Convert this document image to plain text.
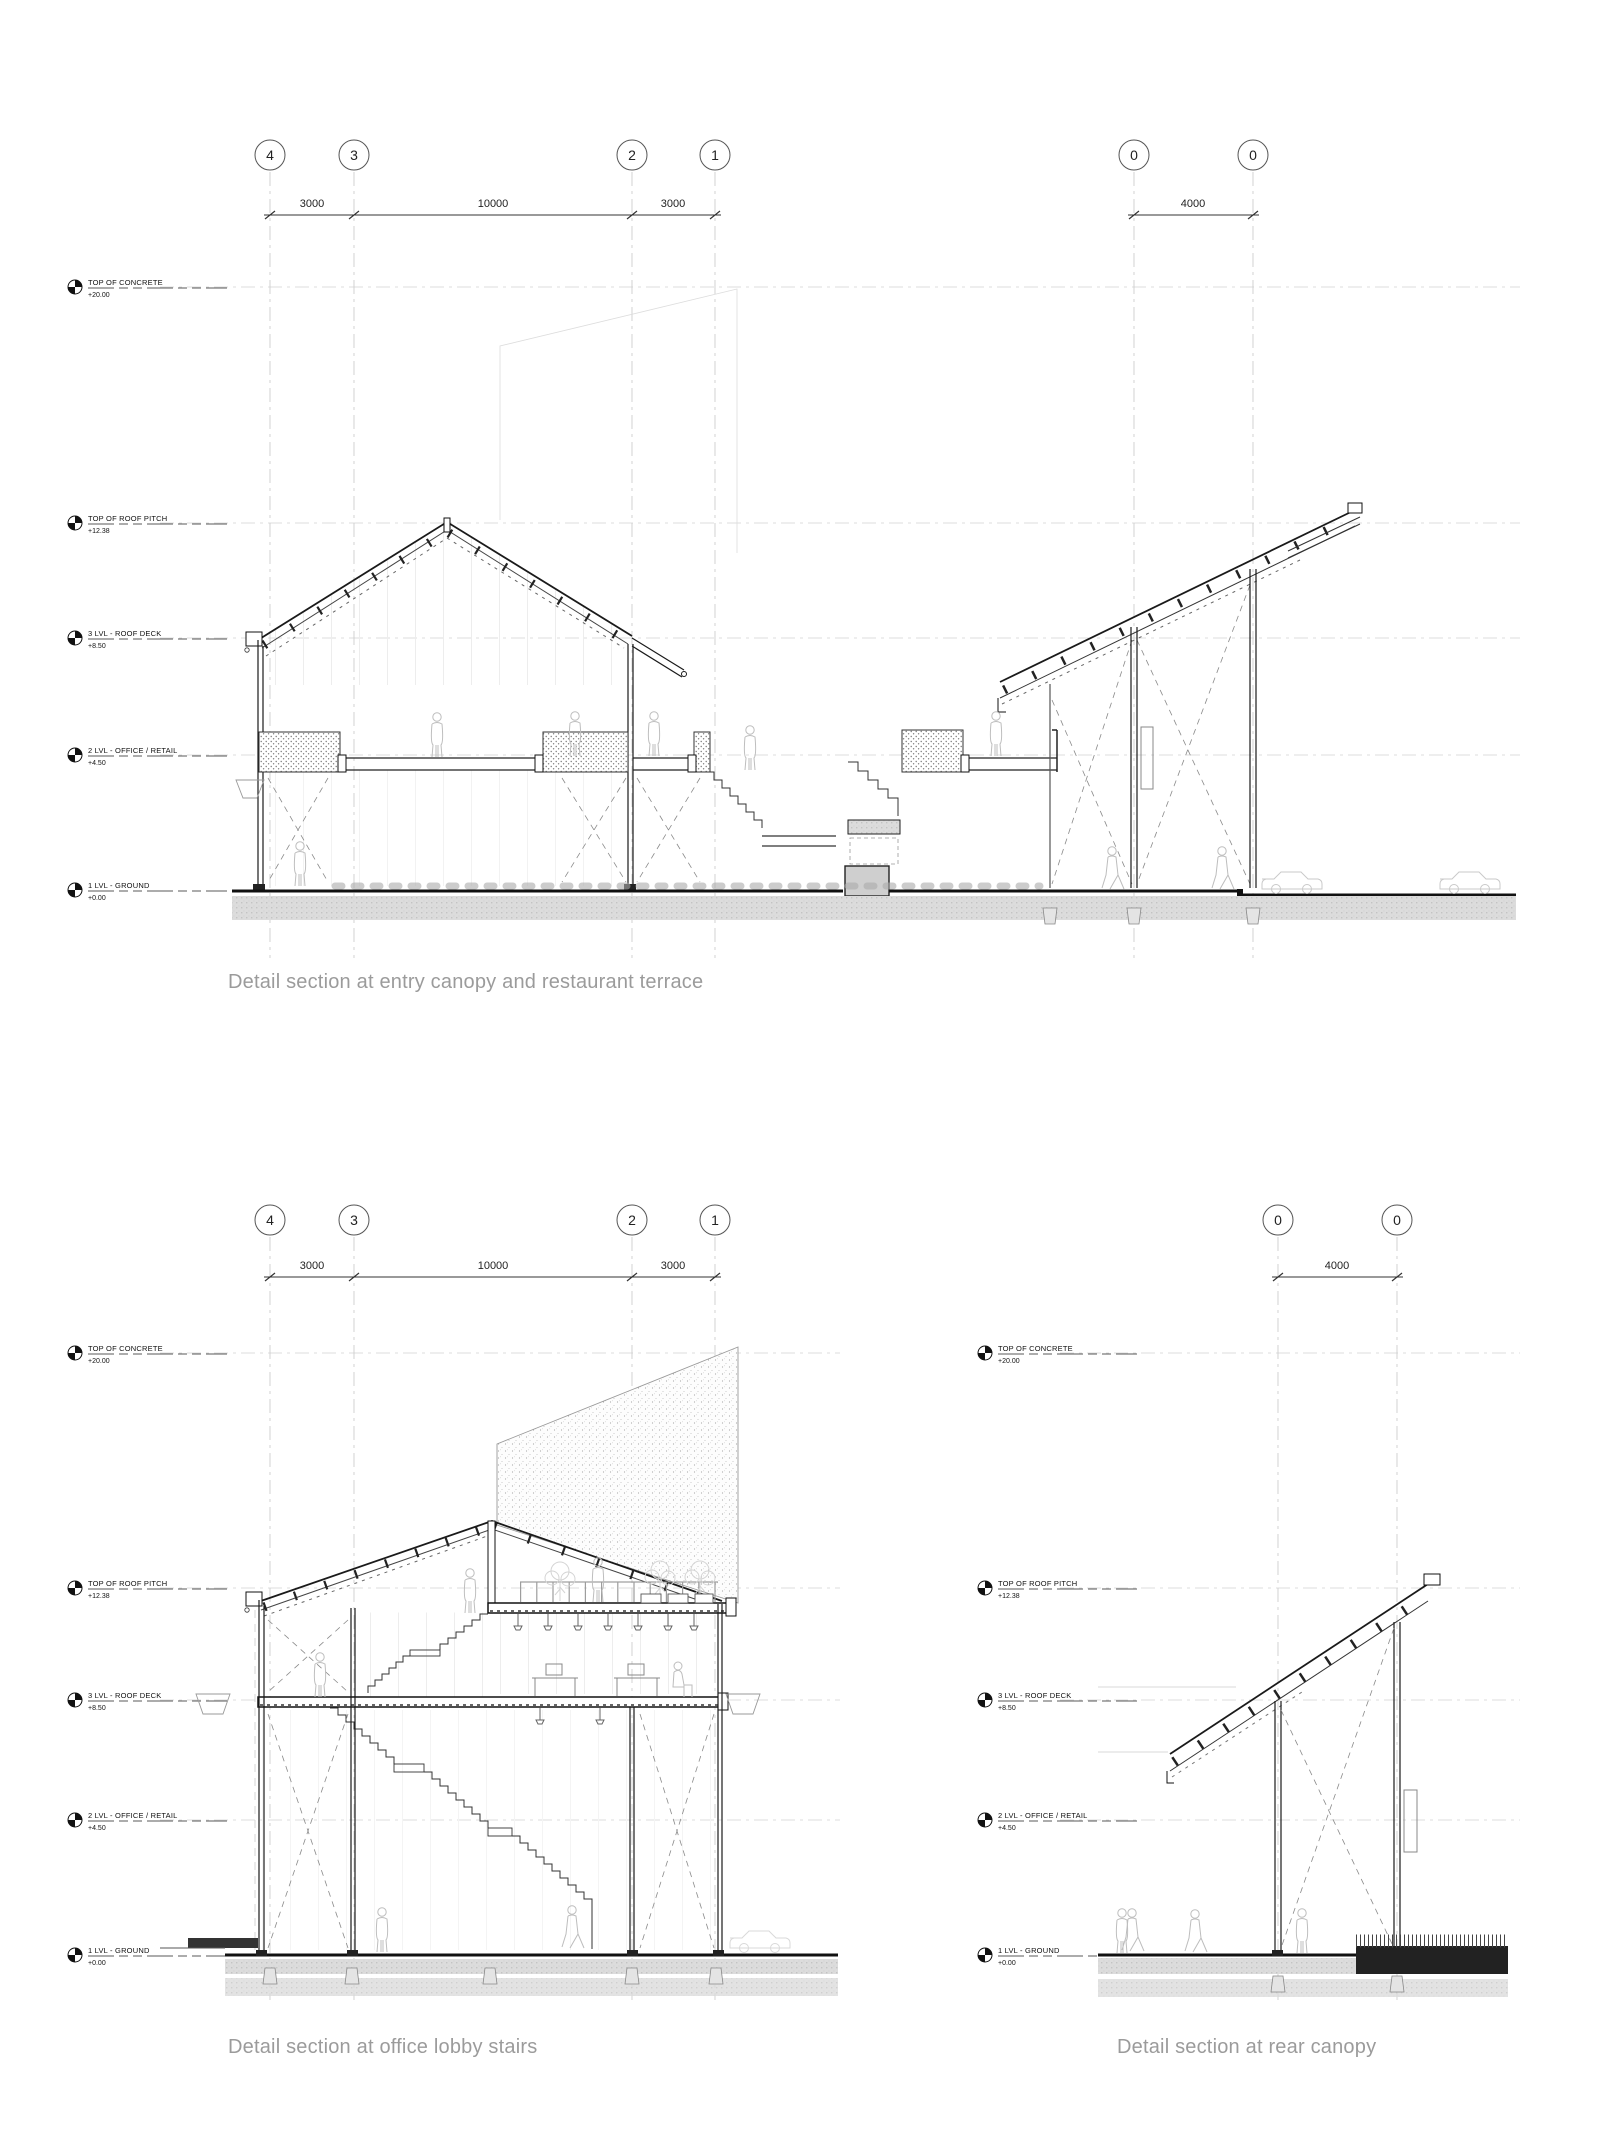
4	3	2	1	0	0
3000	10000	3000	4000
TOP OF CONCRETE
+20.00
TOP OF ROOF PITCH
+12.38
3 LVL - ROOF DECK
+8.50
2 LVL - OFFICE / RETAIL
+4.50
1 LVL - GROUND
+0.00
Detail section at entry canopy and restaurant terrace
4	3	2	1	0	0
3000	10000	3000	4000
TOP OF CONCRETE
+20.00
TOP OF ROOF PITCH
+12.38
3 LVL - ROOF DECK
+8.50
2 LVL - OFFICE / RETAIL
+4.50
1 LVL - GROUND
+0.00
TOP OF CONCRETE
+20.00
TOP OF ROOF PITCH
+12.38
3 LVL - ROOF DECK
+8.50
2 LVL - OFFICE / RETAIL
+4.50
1 LVL - GROUND
+0.00
Detail section at office lobby stairs	Detail section at rear canopy
